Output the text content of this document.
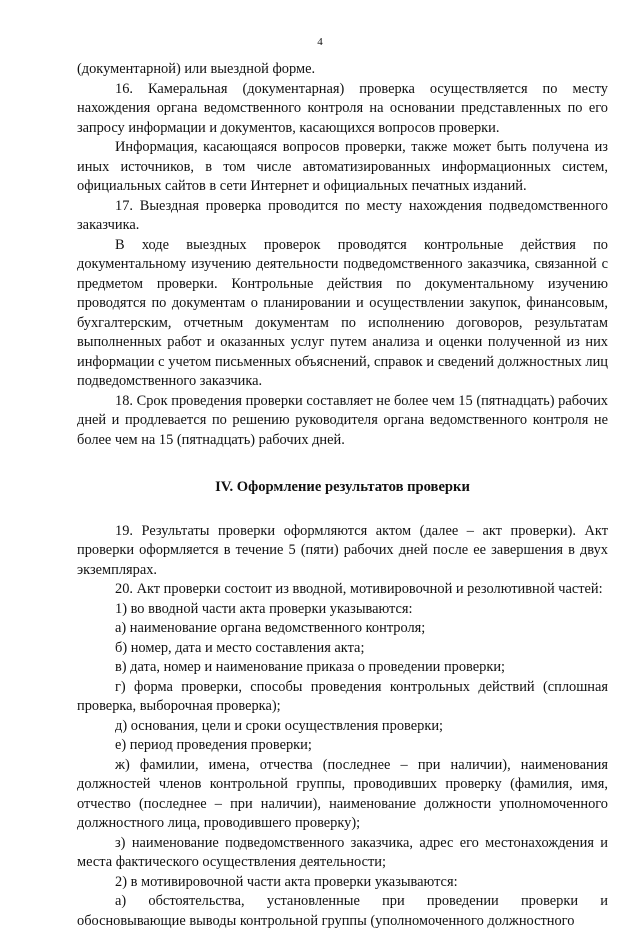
4

(документарной) или выездной форме.

16. Камеральная (документарная) проверка осуществляется по месту нахождения органа ведомственного контроля на основании представленных по его запросу информации и документов, касающихся вопросов проверки.

Информация, касающаяся вопросов проверки, также может быть получена из иных источников, в том числе автоматизированных информационных систем, официальных сайтов в сети Интернет и официальных печатных изданий.

17. Выездная проверка проводится по месту нахождения подведомственного заказчика.

В ходе выездных проверок проводятся контрольные действия по документальному изучению деятельности подведомственного заказчика, связанной с предметом проверки. Контрольные действия по документальному изучению проводятся по документам о планировании и осуществлении закупок, финансовым, бухгалтерским, отчетным документам по исполнению договоров, результатам выполненных работ и оказанных услуг путем анализа и оценки полученной из них информации с учетом письменных объяснений, справок и сведений должностных лиц подведомственного заказчика.

18. Срок проведения проверки составляет не более чем 15 (пятнадцать) рабочих дней и продлевается по решению руководителя органа ведомственного контроля не более чем на 15 (пятнадцать) рабочих дней.

IV. Оформление результатов проверки

19. Результаты проверки оформляются актом (далее – акт проверки). Акт проверки оформляется в течение 5 (пяти) рабочих дней после ее завершения в двух экземплярах.

20. Акт проверки состоит из вводной, мотивировочной и резолютивной частей:

1) во вводной части акта проверки указываются:

а) наименование органа ведомственного контроля;

б) номер, дата и место составления акта;

в) дата, номер и наименование приказа о проведении проверки;

г) форма проверки, способы проведения контрольных действий (сплошная проверка, выборочная проверка);

д) основания, цели и сроки осуществления проверки;

е) период проведения проверки;

ж) фамилии, имена, отчества (последнее – при наличии), наименования должностей членов контрольной группы, проводивших проверку (фамилия, имя, отчество (последнее – при наличии), наименование должности уполномоченного должностного лица, проводившего проверку);

з) наименование подведомственного заказчика, адрес его местонахождения и места фактического осуществления деятельности;

2) в мотивировочной части акта проверки указываются:

а) обстоятельства, установленные при проведении проверки и обосновывающие выводы контрольной группы (уполномоченного должностного
